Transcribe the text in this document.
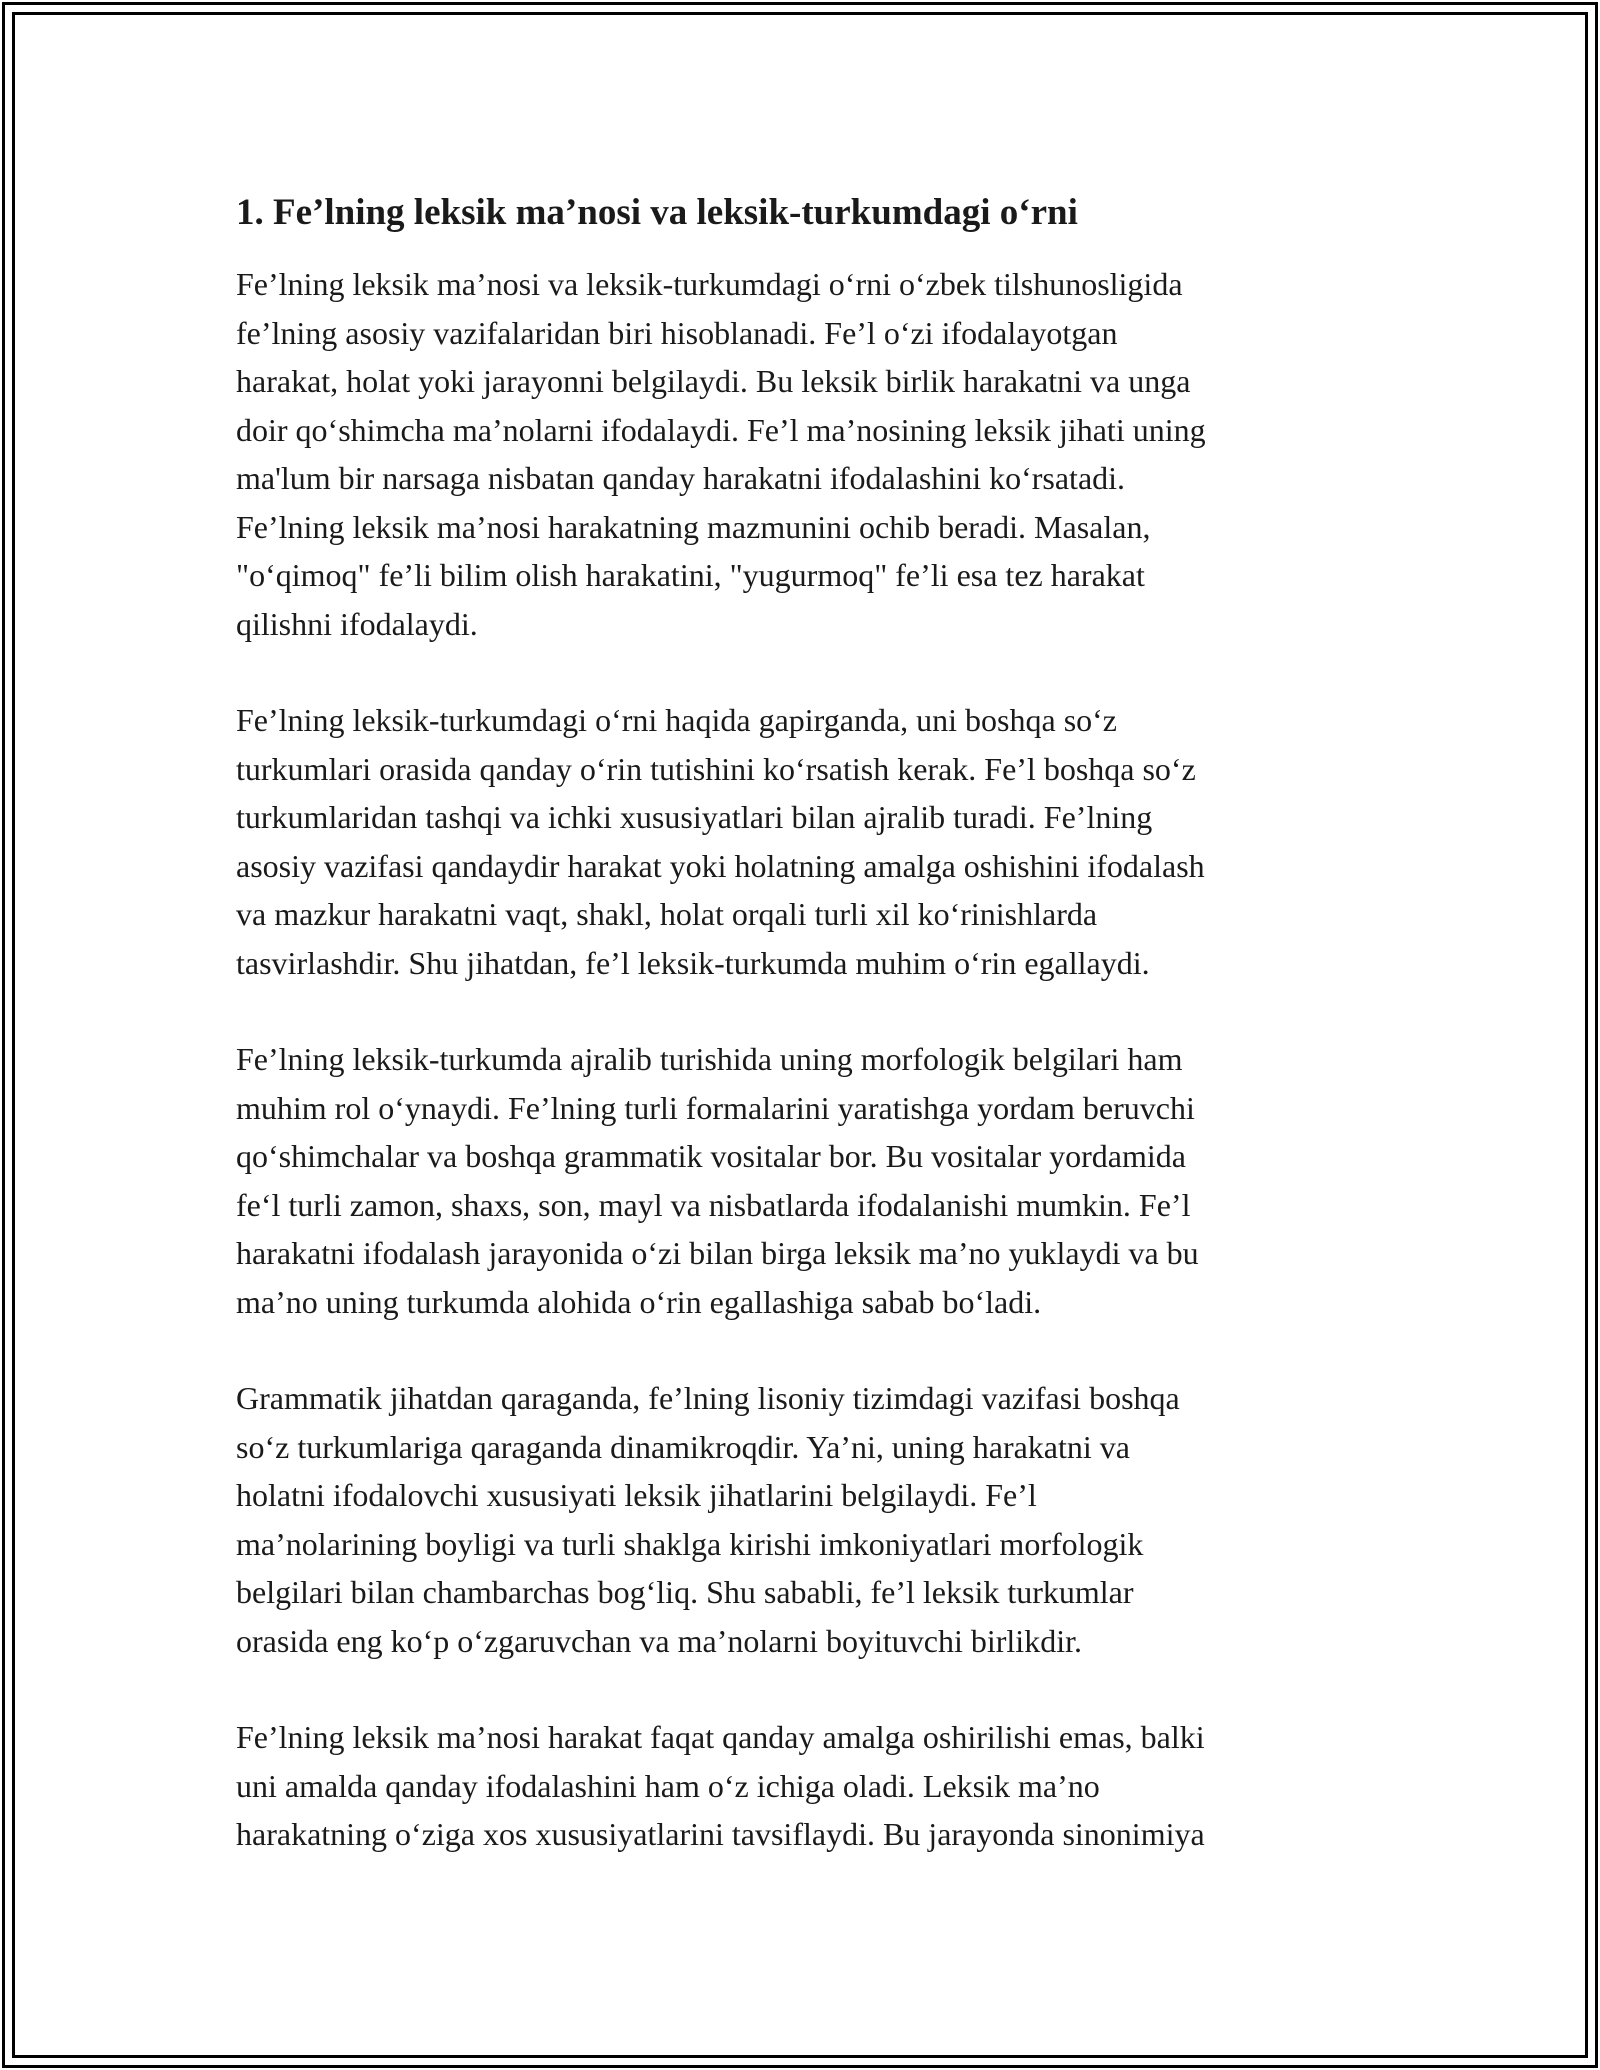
1. Fe’lning leksik ma’nosi va leksik-turkumdagi o‘rni
Fe’lning leksik ma’nosi va leksik-turkumdagi o‘rni o‘zbek tilshunosligida
fe’lning asosiy vazifalaridan biri hisoblanadi. Fe’l o‘zi ifodalayotgan
harakat, holat yoki jarayonni belgilaydi. Bu leksik birlik harakatni va unga
doir qo‘shimcha ma’nolarni ifodalaydi. Fe’l ma’nosining leksik jihati uning
ma'lum bir narsaga nisbatan qanday harakatni ifodalashini ko‘rsatadi.
Fe’lning leksik ma’nosi harakatning mazmunini ochib beradi. Masalan,
"o‘qimoq" fe’li bilim olish harakatini, "yugurmoq" fe’li esa tez harakat
qilishni ifodalaydi.
Fe’lning leksik-turkumdagi o‘rni haqida gapirganda, uni boshqa so‘z
turkumlari orasida qanday o‘rin tutishini ko‘rsatish kerak. Fe’l boshqa so‘z
turkumlaridan tashqi va ichki xususiyatlari bilan ajralib turadi. Fe’lning
asosiy vazifasi qandaydir harakat yoki holatning amalga oshishini ifodalash
va mazkur harakatni vaqt, shakl, holat orqali turli xil ko‘rinishlarda
tasvirlashdir. Shu jihatdan, fe’l leksik-turkumda muhim o‘rin egallaydi.
Fe’lning leksik-turkumda ajralib turishida uning morfologik belgilari ham
muhim rol o‘ynaydi. Fe’lning turli formalarini yaratishga yordam beruvchi
qo‘shimchalar va boshqa grammatik vositalar bor. Bu vositalar yordamida
fe‘l turli zamon, shaxs, son, mayl va nisbatlarda ifodalanishi mumkin. Fe’l
harakatni ifodalash jarayonida o‘zi bilan birga leksik ma’no yuklaydi va bu
ma’no uning turkumda alohida o‘rin egallashiga sabab bo‘ladi.
Grammatik jihatdan qaraganda, fe’lning lisoniy tizimdagi vazifasi boshqa
so‘z turkumlariga qaraganda dinamikroqdir. Ya’ni, uning harakatni va
holatni ifodalovchi xususiyati leksik jihatlarini belgilaydi. Fe’l
ma’nolarining boyligi va turli shaklga kirishi imkoniyatlari morfologik
belgilari bilan chambarchas bog‘liq. Shu sababli, fe’l leksik turkumlar
orasida eng ko‘p o‘zgaruvchan va ma’nolarni boyituvchi birlikdir.
Fe’lning leksik ma’nosi harakat faqat qanday amalga oshirilishi emas, balki
uni amalda qanday ifodalashini ham o‘z ichiga oladi. Leksik ma’no
harakatning o‘ziga xos xususiyatlarini tavsiflaydi. Bu jarayonda sinonimiya
